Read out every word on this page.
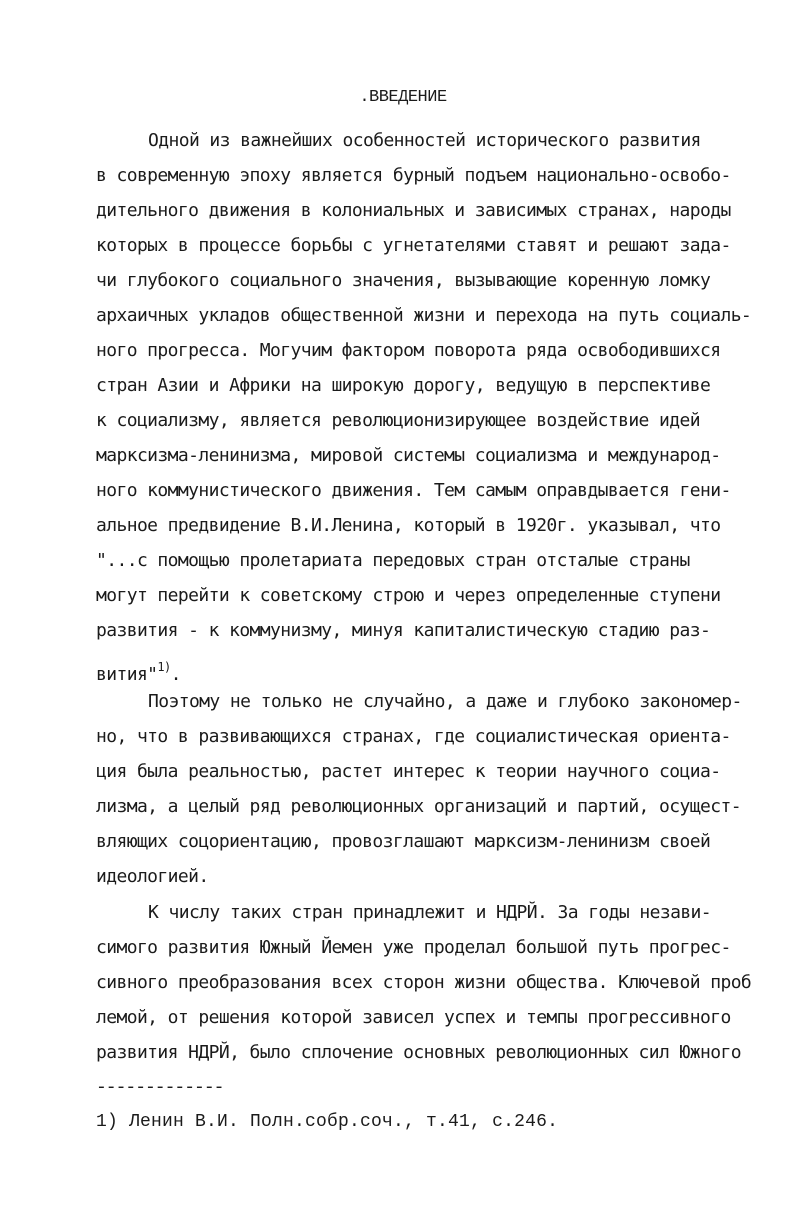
.ВВЕДЕНИЕ
Одной из важнейших особенностей исторического развития
в современную эпоху является бурный подъем национально-освобо-
дительного движения в колониальных и зависимых странах, народы
которых в процессе борьбы с угнетателями ставят и решают зада-
чи глубокого социального значения, вызывающие коренную ломку
архаичных укладов общественной жизни и перехода на путь социаль-
ного прогресса. Могучим фактором поворота ряда освободившихся
стран Азии и Африки на широкую дорогу, ведущую в перспективе
к социализму, является революционизирующее воздействие идей
марксизма-ленинизма, мировой системы социализма и международ-
ного коммунистического движения. Тем самым оправдывается гени-
альное предвидение В.И.Ленина, который в 1920г. указывал, что
"...с помощью пролетариата передовых стран отсталые страны
могут перейти к советскому строю и через определенные ступени
развития - к коммунизму, минуя капиталистическую стадию раз-
вития"$^{1)}$.
Поэтому не только не случайно, а даже и глубоко закономер-
но, что в развивающихся странах, где социалистическая ориента-
ция была реальностью, растет интерес к теории научного социа-
лизма, а целый ряд революционных организаций и партий, осущест-
вляющих соцориентацию, провозглашают марксизм-ленинизм своей
идеологией.
К числу таких стран принадлежит и НДРЙ. За годы незави-
симого развития Южный Йемен уже проделал большой путь прогрес-
сивного преобразования всех сторон жизни общества. Ключевой проб
лемой, от решения которой зависел успех и темпы прогрессивного
развития НДРЙ, было сплочение основных революционных сил Южного
-------------
1) Ленин В.И. Полн.собр.соч., т.41, с.246.
